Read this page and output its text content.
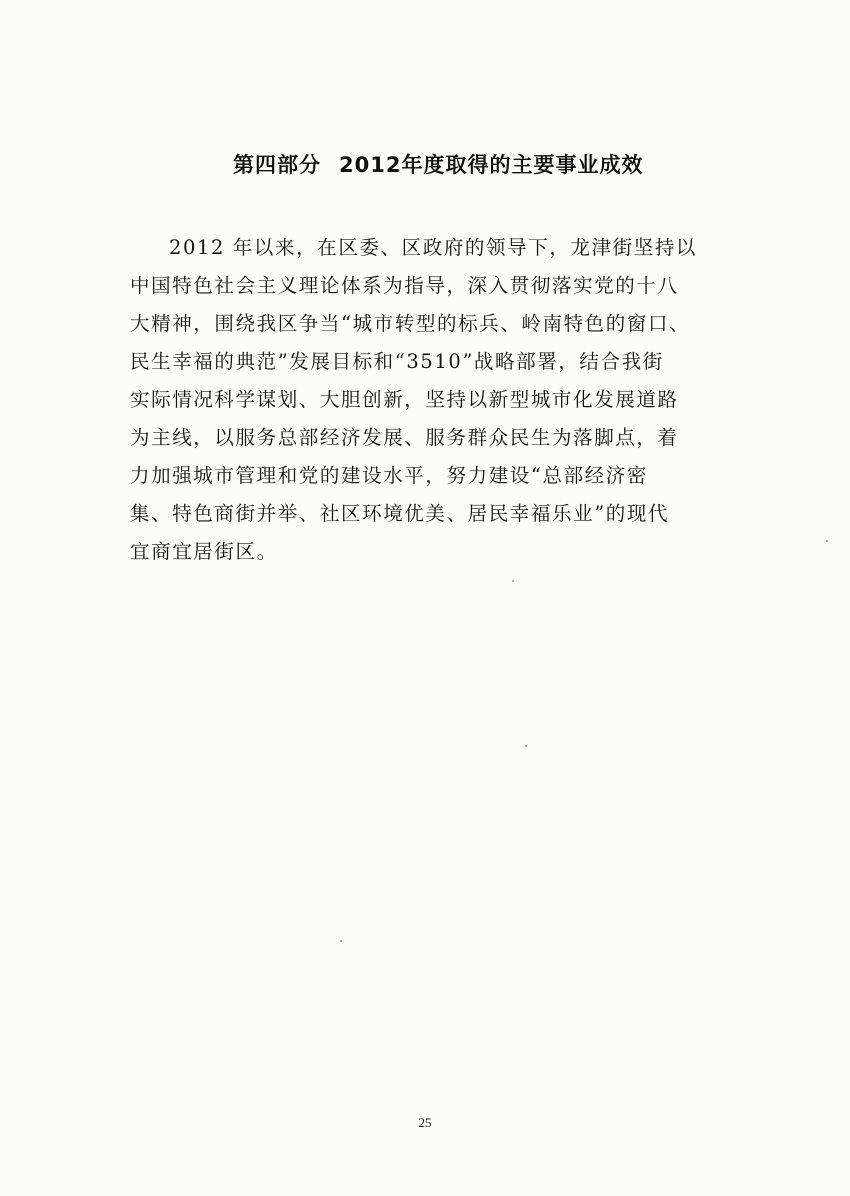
第四部分 2012年度取得的主要事业成效
2012 年以来，在区委、区政府的领导下，龙津街坚持以
中国特色社会主义理论体系为指导，深入贯彻落实党的十八
大精神，围绕我区争当“城市转型的标兵、岭南特色的窗口、
民生幸福的典范”发展目标和“3510”战略部署，结合我街
实际情况科学谋划、大胆创新，坚持以新型城市化发展道路
为主线，以服务总部经济发展、服务群众民生为落脚点，着
力加强城市管理和党的建设水平，努力建设“总部经济密
集、特色商街并举、社区环境优美、居民幸福乐业”的现代
宜商宜居街区。
25
